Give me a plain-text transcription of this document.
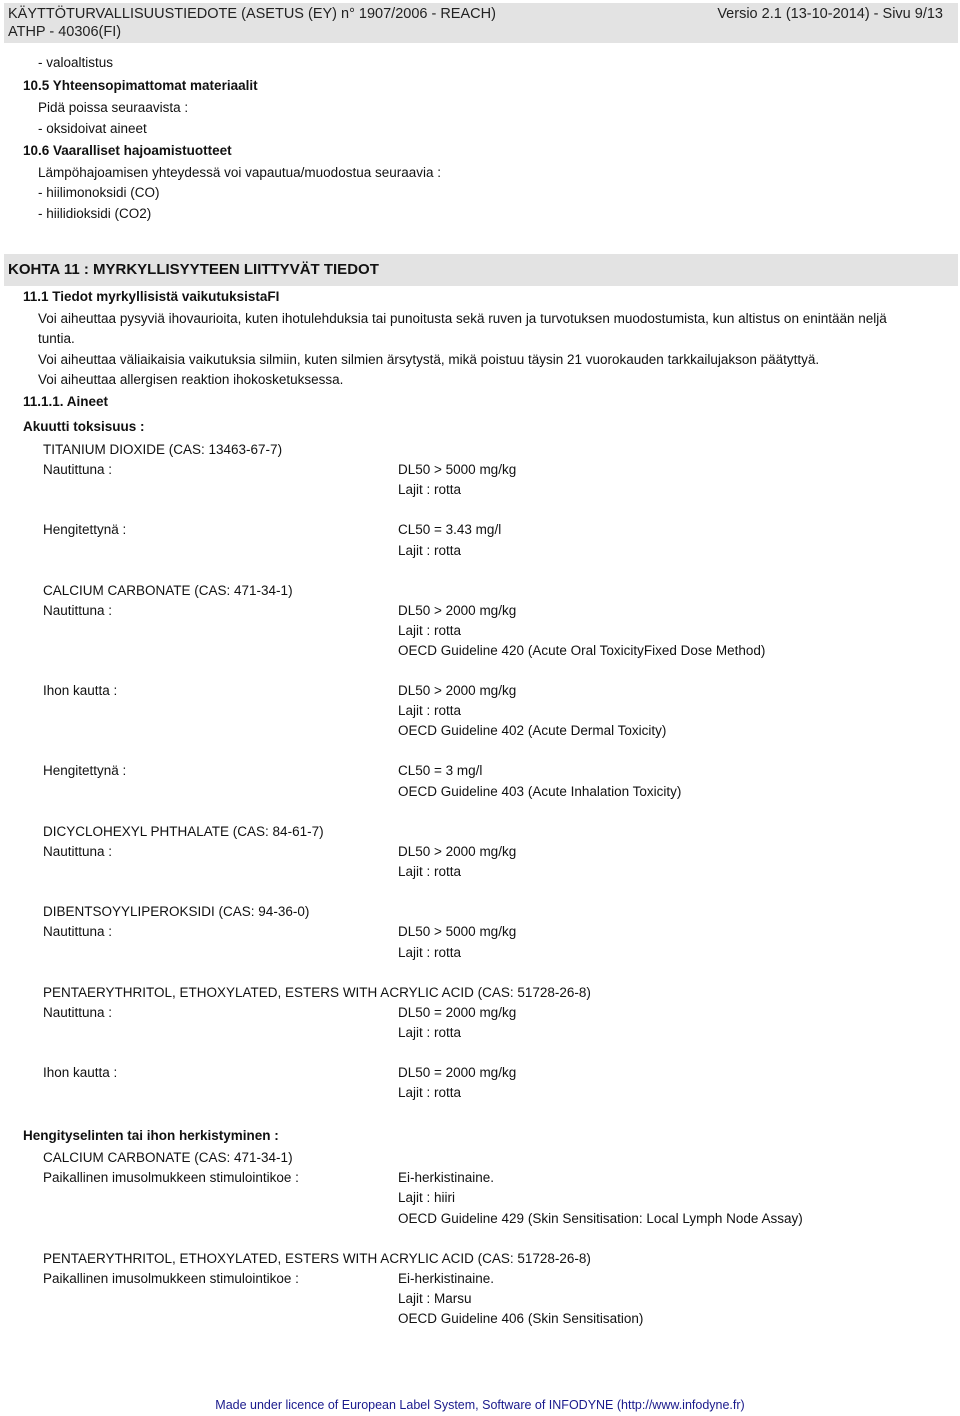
KÄYTTÖTURVALLISUUSTIEDOTE (ASETUS (EY) n° 1907/2006 - REACH)
ATHP - 40306(FI)
Versio 2.1 (13-10-2014) - Sivu 9/13
- valoaltistus
10.5 Yhteensopimattomat materiaalit
Pidä poissa seuraavista :
- oksidoivat aineet
10.6 Vaaralliset hajoamistuotteet
Lämpöhajoamisen yhteydessä voi vapautua/muodostua seuraavia :
- hiilimonoksidi (CO)
- hiilidioksidi (CO2)
KOHTA 11 : MYRKYLLISYYTEEN LIITTYVÄT TIEDOT
11.1 Tiedot myrkyllisistä vaikutuksistaFI
Voi aiheuttaa pysyviä ihovaurioita, kuten ihotulehduksia tai punoitusta sekä ruven ja turvotuksen muodostumista, kun altistus on enintään neljä
tuntia.
Voi aiheuttaa väliaikaisia vaikutuksia silmiin, kuten silmien ärsytystä, mikä poistuu täysin 21 vuorokauden tarkkailujakson päätyttyä.
Voi aiheuttaa allergisen reaktion ihokosketuksessa.
11.1.1. Aineet
Akuutti toksisuus :
TITANIUM DIOXIDE (CAS: 13463-67-7)
Nautittuna :	DL50 > 5000 mg/kg
Lajit : rotta
Hengitettynä :	CL50 = 3.43 mg/l
Lajit : rotta
CALCIUM CARBONATE (CAS: 471-34-1)
Nautittuna :	DL50 > 2000 mg/kg
Lajit : rotta
OECD Guideline 420 (Acute Oral ToxicityFixed Dose Method)
Ihon kautta :	DL50 > 2000 mg/kg
Lajit : rotta
OECD Guideline 402 (Acute Dermal Toxicity)
Hengitettynä :	CL50 = 3 mg/l
OECD Guideline 403 (Acute Inhalation Toxicity)
DICYCLOHEXYL PHTHALATE (CAS: 84-61-7)
Nautittuna :	DL50 > 2000 mg/kg
Lajit : rotta
DIBENTSOYYLIPEROKSIDI (CAS: 94-36-0)
Nautittuna :	DL50 > 5000 mg/kg
Lajit : rotta
PENTAERYTHRITOL, ETHOXYLATED, ESTERS WITH ACRYLIC ACID (CAS: 51728-26-8)
Nautittuna :	DL50 = 2000 mg/kg
Lajit : rotta
Ihon kautta :	DL50 = 2000 mg/kg
Lajit : rotta
Hengityselinten tai ihon herkistyminen :
CALCIUM CARBONATE (CAS: 471-34-1)
Paikallinen imusolmukkeen stimulointikoe :	Ei-herkistinaine.
Lajit : hiiri
OECD Guideline 429 (Skin Sensitisation: Local Lymph Node Assay)
PENTAERYTHRITOL, ETHOXYLATED, ESTERS WITH ACRYLIC ACID (CAS: 51728-26-8)
Paikallinen imusolmukkeen stimulointikoe :	Ei-herkistinaine.
Lajit : Marsu
OECD Guideline 406 (Skin Sensitisation)
Made under licence of European Label System, Software of INFODYNE (http://www.infodyne.fr)
